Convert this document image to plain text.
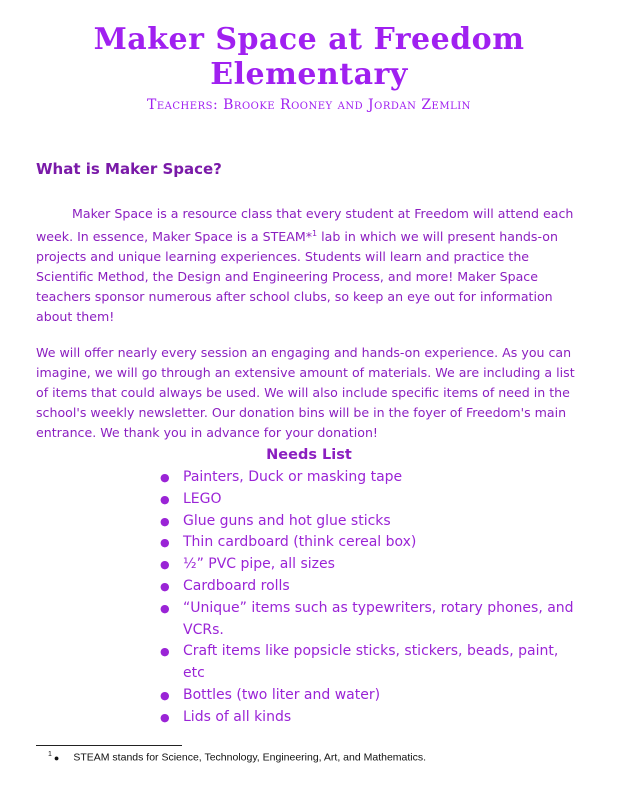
Maker Space at Freedom Elementary
Teachers: Brooke Rooney and Jordan Zemlin
What is Maker Space?

Maker Space is a resource class that every student at Freedom will attend each week. In essence, Maker Space is a STEAM*$^1$ lab in which we will present hands-on projects and unique learning experiences. Students will learn and practice the Scientific Method, the Design and Engineering Process, and more! Maker Space teachers sponsor numerous after school clubs, so keep an eye out for information about them!

We will offer nearly every session an engaging and hands-on experience. As you can imagine, we will go through an extensive amount of materials. We are including a list of items that could always be used. We will also include specific items of need in the school's weekly newsletter. Our donation bins will be in the foyer of Freedom's main entrance. We thank you in advance for your donation!

Needs List
● Painters, Duck or masking tape
● LEGO
● Glue guns and hot glue sticks
● Thin cardboard (think cereal box)
● ½” PVC pipe, all sizes
● Cardboard rolls
● “Unique” items such as typewriters, rotary phones, and VCRs.
● Craft items like popsicle sticks, stickers, beads, paint, etc
● Bottles (two liter and water)
● Lids of all kinds
$^1$ ● STEAM stands for Science, Technology, Engineering, Art, and Mathematics.
